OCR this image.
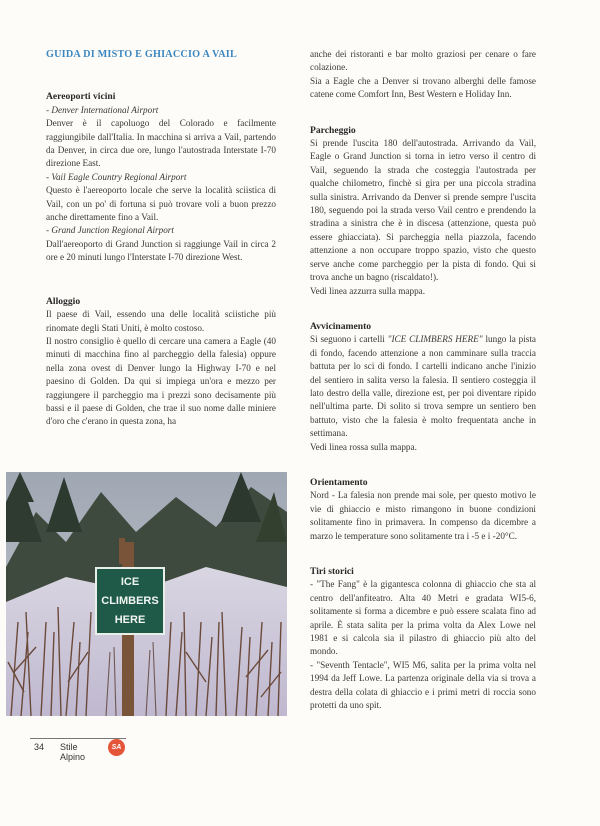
GUIDA DI MISTO E GHIACCIO A VAIL
Aereoporti vicini

- Denver International Airport

Denver è il capoluogo del Colorado e facilmente raggiungibile dall'Italia. In macchina si arriva a Vail, partendo da Denver, in circa due ore, lungo l'autostrada Interstate I-70 direzione East.

- Vail Eagle Country Regional Airport

Questo è l'aereoporto locale che serve la località sciistica di Vail, con un po' di fortuna si può trovare voli a buon prezzo anche direttamente fino a Vail.

- Grand Junction Regional Airport

Dall'aereoporto di Grand Junction si raggiunge Vail in circa 2 ore e 20 minuti lungo l'Interstate I-70 direzione West.

Alloggio

Il paese di Vail, essendo una delle località sciistiche più rinomate degli Stati Uniti, è molto costoso.

Il nostro consiglio è quello di cercare una camera a Eagle (40 minuti di macchina fino al parcheggio della falesia) oppure nella zona ovest di Denver lungo la Highway I-70 e nel paesino di Golden. Da qui si impiega un'ora e mezzo per raggiungere il parcheggio ma i prezzi sono decisamente più bassi e il paese di Golden, che trae il suo nome dalle miniere d'oro che c'erano in questa zona, ha

ICE
CLIMBERS
HERE

anche dei ristoranti e bar molto graziosi per cenare o fare colazione.

Sia a Eagle che a Denver si trovano alberghi delle famose catene come Comfort Inn, Best Western e Holiday Inn.

Parcheggio

Si prende l'uscita 180 dell'autostrada. Arrivando da Vail, Eagle o Grand Junction si torna in ietro verso il centro di Vail, seguendo la strada che costeggia l'autostrada per qualche chilometro, finchè si gira per una piccola stradina sulla sinistra. Arrivando da Denver si prende sempre l'uscita 180, seguendo poi la strada verso Vail centro e prendendo la stradina a sinistra che è in discesa (attenzione, questa può essere ghiacciata). Si parcheggia nella piazzola, facendo attenzione a non occupare troppo spazio, visto che questo serve anche come parcheggio per la pista di fondo. Qui si trova anche un bagno (riscaldato!).

Vedi linea azzurra sulla mappa.

Avvicinamento

Si seguono i cartelli "ICE CLIMBERS HERE" lungo la pista di fondo, facendo attenzione a non camminare sulla traccia battuta per lo sci di fondo. I cartelli indicano anche l'inizio del sentiero in salita verso la falesia. Il sentiero costeggia il lato destro della valle, direzione est, per poi diventare ripido nell'ultima parte. Di solito si trova sempre un sentiero ben battuto, visto che la falesia è molto frequentata anche in settimana.

Vedi linea rossa sulla mappa.

Orientamento

Nord - La falesia non prende mai sole, per questo motivo le vie di ghiaccio e misto rimangono in buone condizioni solitamente fino in primavera. In compenso da dicembre a marzo le temperature sono solitamente tra i -5 e i -20°C.

Tiri storici

- "The Fang" è la gigantesca colonna di ghiaccio che sta al centro dell'anfiteatro. Alta 40 Metri e gradata WI5-6, solitamente si forma a dicembre e può essere scalata fino ad aprile. È stata salita per la prima volta da Alex Lowe nel 1981 e si calcola sia il pilastro di ghiaccio più alto del mondo.

- "Seventh Tentacle", WI5 M6, salita per la prima volta nel 1994 da Jeff Lowe. La partenza originale della via si trova a destra della colata di ghiaccio e i primi metri di roccia sono protetti da uno spit.

34 Stile Alpino
SA
